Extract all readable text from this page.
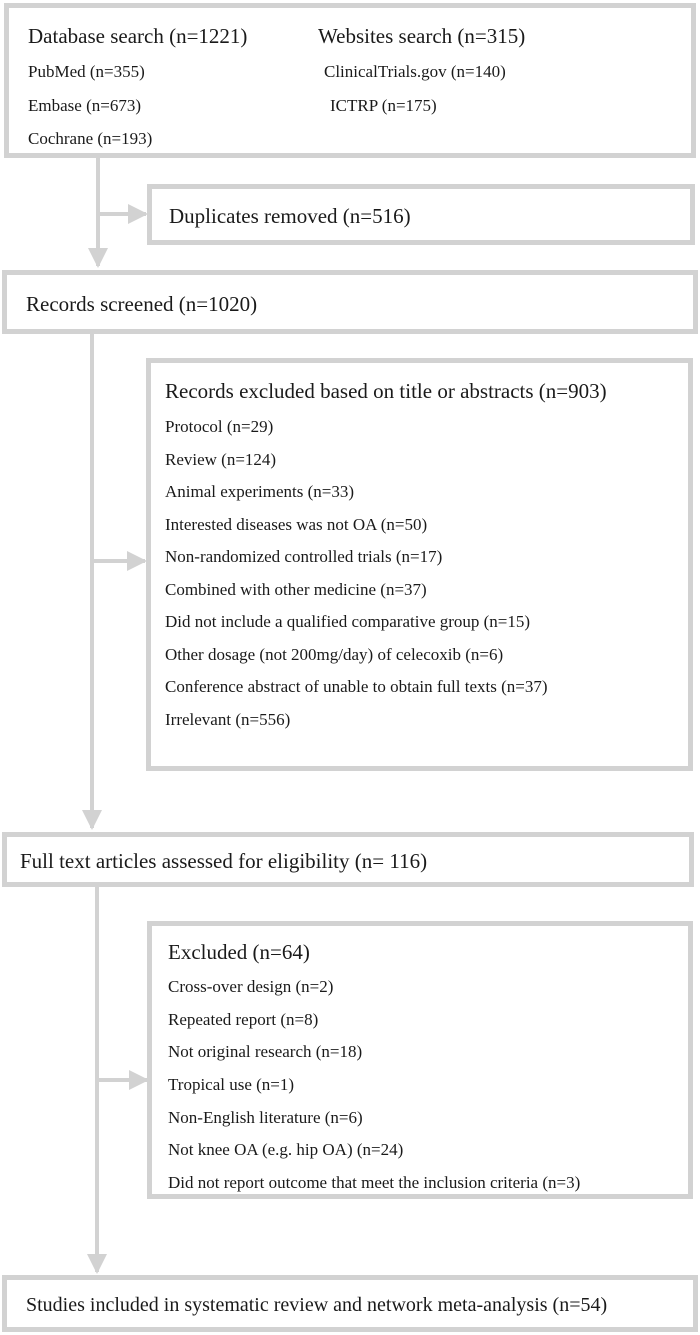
Database search (n=1221)	Websites search (n=315)
PubMed (n=355)
Embase (n=673)
Cochrane (n=193)
ClinicalTrials.gov (n=140)
ICTRP (n=175)
Duplicates removed (n=516)
Records screened (n=1020)
Records excluded based on title or abstracts (n=903)
Protocol (n=29)
Review (n=124)
Animal experiments (n=33)
Interested diseases was not OA (n=50)
Non-randomized controlled trials (n=17)
Combined with other medicine (n=37)
Did not include a qualified comparative group (n=15)
Other dosage (not 200mg/day) of celecoxib (n=6)
Conference abstract of unable to obtain full texts (n=37)
Irrelevant (n=556)
Full text articles assessed for eligibility (n= 116)
Excluded (n=64)
Cross-over design (n=2)
Repeated report (n=8)
Not original research (n=18)
Tropical use (n=1)
Non-English literature (n=6)
Not knee OA (e.g. hip OA) (n=24)
Did not report outcome that meet the inclusion criteria (n=3)
Studies included in systematic review and network meta-analysis (n=54)
